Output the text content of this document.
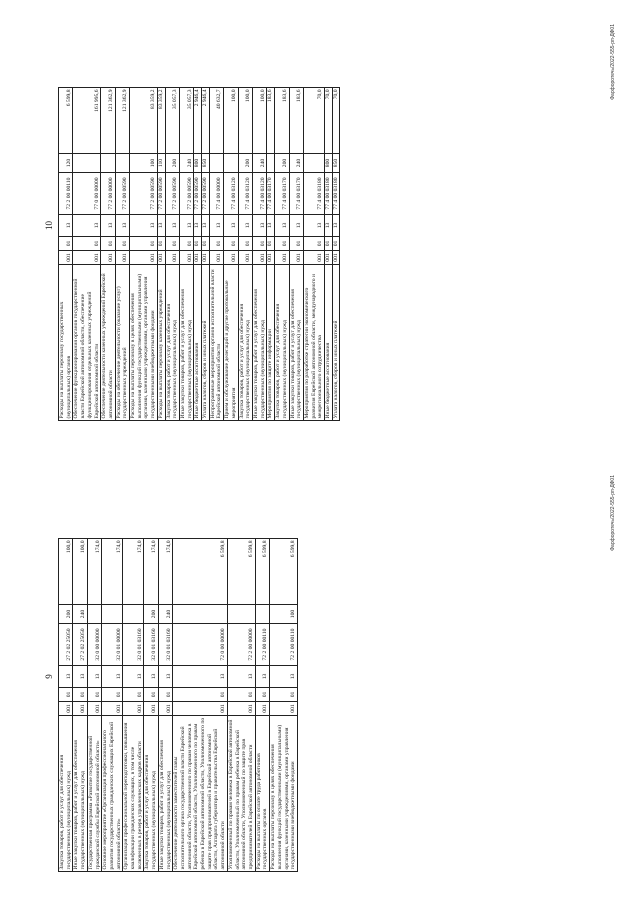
9
Закупка товаров, работ и услуг для обеспечения государственных (муниципальных) нужд	001	01	13	27 2 02 25050	200	100,0
Иные закупки товаров, работ и услуг для обеспечения государственных (муниципальных) нужд	001	01	13	27 2 02 25050	240	100,0
Государственная программа «Развитие государственной гражданской службы Еврейской автономной области»	001	01	13	32 0 00 00000		174,0
Основное мероприятие «Организация профессионального развития государственных гражданских служащих Еврейской автономной области»	001	01	13	32 0 01 00000		174,0
Организация профессиональной переподготовки, повышения квалификации гражданских служащих, в том числе включенных в резерв управленческих кадров области	001	01	13	32 0 01 03160		174,0
Закупка товаров, работ и услуг для обеспечения государственных (муниципальных) нужд	001	01	13	32 0 01 03160	200	174,0
Иные закупки товаров, работ и услуг для обеспечения государственных (муниципальных) нужд	001	01	13	32 0 01 03160	240	174,0
Обеспечение деятельности заместителей главы исполнительного органа государственной власти Еврейской автономной области, Уполномоченного по правам человека в Еврейской автономной области, Уполномоченного по правам ребенка в Еврейской автономной области, Уполномоченного по защите прав предпринимателей в Еврейской автономной области, Аппарата губернатора и правительства Еврейской автономной области	001	01	13	72 0 00 00000		6 599,8
Уполномоченный по правам человека в Еврейской автономной области, Уполномоченный по правам ребенка в Еврейской автономной области, Уполномоченный по защите прав предпринимателей в Еврейской автономной области	001	01	13	72 2 00 00000		6 599,8
Расходы на выплаты по оплате труда работников государственных органов	001	01	13	72 2 00 00110		6 599,8
Расходы на выплаты персоналу в целях обеспечения выполнения функций государственными (муниципальными) органами, казенными учреждениями, органами управления государственными внебюджетными фондами	001	01	13	72 2 00 00110	100	6 599,8	Фарфоротечь/2022-555-рп-ДФ01
10
Расходы на выплаты персоналу государственных (муниципальных) органов	001	01	13	72 2 00 00110	120	6 599,8
Обеспечение функционирования органов государственной власти Еврейской автономной области, обеспечение функционирования отдельных казенных учреждений Еврейской автономной области	001	01	13	77 0 00 00000		161 995,6
Обеспечение деятельности казенных учреждений Еврейской автономной области	001	01	13	77 2 00 00000		121 362,9
Расходы на обеспечение деятельности (оказание услуг) государственных учреждений	001	01	13	77 2 00 00590		121 362,9
Расходы на выплаты персоналу в целях обеспечения выполнения функций государственными (муниципальными) органами, казенными учреждениями, органами управления государственными внебюджетными фондами	001	01	13	77 2 00 00590	100	83 359,2
Расходы на выплаты персоналу казенных учреждений	001	01	13	77 2 00 00590	110	83 359,2
Закупка товаров, работ и услуг для обеспечения государственных (муниципальных) нужд	001	01	13	77 2 00 00590	200	35 057,3
Иные закупки товаров, работ и услуг для обеспечения государственных (муниципальных) нужд	001	01	13	77 2 00 00590	240	35 057,3
Иные бюджетные ассигнования	001	01	13	77 2 00 00590	800	2 946,4
Уплата налогов, сборов и иных платежей	001	01	13	77 2 00 00590	850	2 946,4
Непрограммные мероприятия органов исполнительной власти Еврейской автономной области	001	01	13	77 4 00 00000		40 632,7
Прием и обслуживание делегаций и другие протокольные мероприятия	001	01	13	77 4 00 03120		100,0
Закупка товаров, работ и услуг для обеспечения государственных (муниципальных) нужд	001	01	13	77 4 00 03120	200	100,0
Иные закупки товаров, работ и услуг для обеспечения государственных (муниципальных) нужд	001	01	13	77 4 00 03120	240	100,0
Мероприятия по защите информации	001	01	13	77 4 00 03170		183,6
Закупка товаров, работ и услуг для обеспечения государственных (муниципальных) нужд	001	01	13	77 4 00 03170	200	183,6
Иные закупки товаров, работ и услуг для обеспечения государственных (муниципальных) нужд	001	01	13	77 4 00 03170	240	183,6
Мероприятия по разработке стратегии экономического развития Еврейской автономной области, международного и межрегионального сотрудничества	001	01	13	77 4 00 03180		70,0
Иные бюджетные ассигнования	001	01	13	77 4 00 03180	800	70,0
Уплата налогов, сборов и иных платежей	001	01	13	77 4 00 03180	850	70,0	Фарфоротечь/2022-555-рп-ДФ01
